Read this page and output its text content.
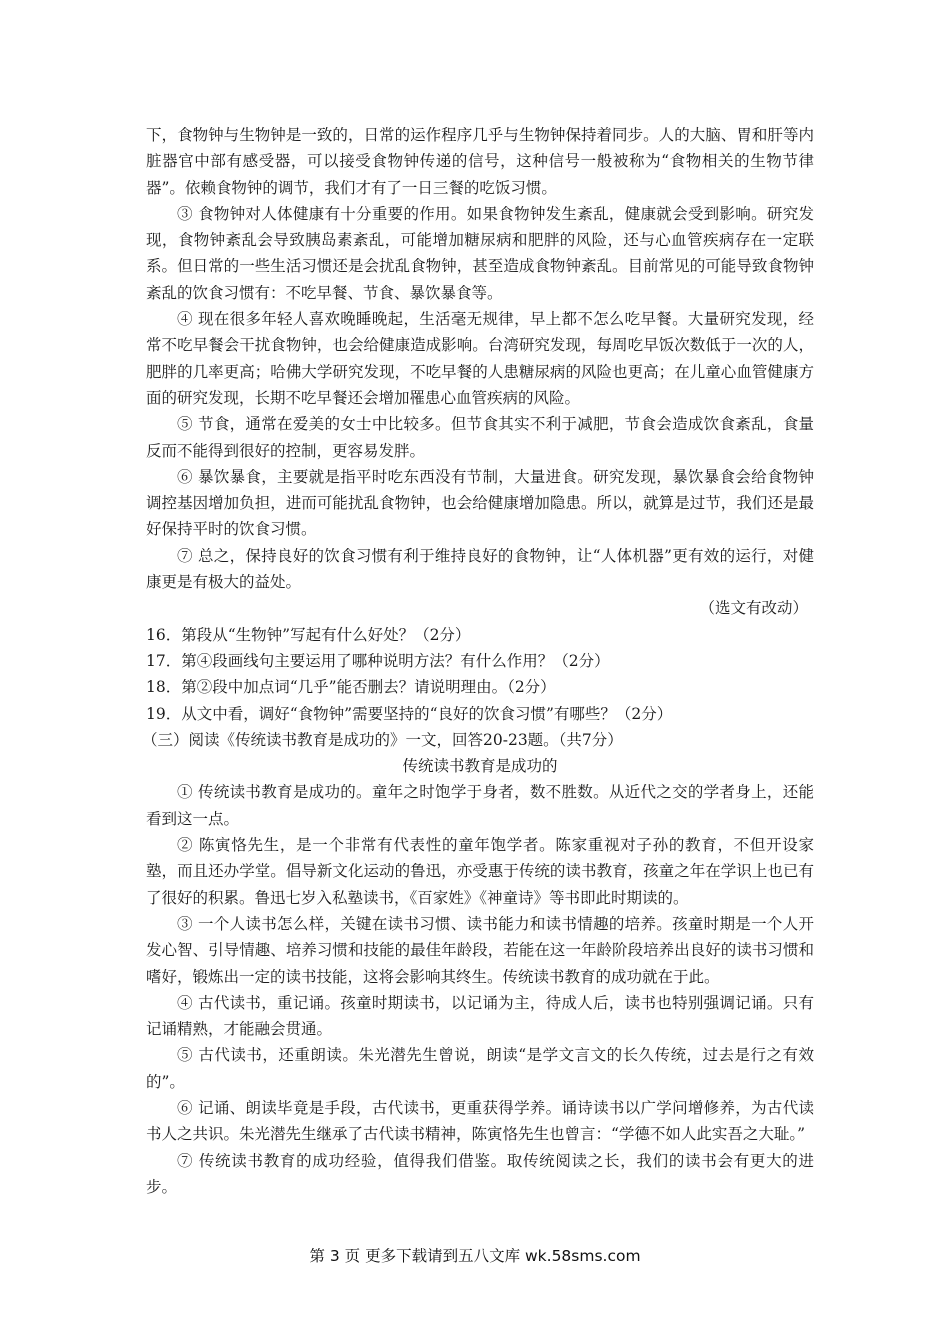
下，食物钟与生物钟是一致的，日常的运作程序几乎与生物钟保持着同步。人的大脑、胃和肝等内脏器官中部有感受器，可以接受食物钟传递的信号，这种信号一般被称为“食物相关的生物节律器”。依赖食物钟的调节，我们才有了一日三餐的吃饭习惯。

③ 食物钟对人体健康有十分重要的作用。如果食物钟发生紊乱，健康就会受到影响。研究发现，食物钟紊乱会导致胰岛素紊乱，可能增加糖尿病和肥胖的风险，还与心血管疾病存在一定联系。但日常的一些生活习惯还是会扰乱食物钟，甚至造成食物钟紊乱。目前常见的可能导致食物钟紊乱的饮食习惯有：不吃早餐、节食、暴饮暴食等。

④ 现在很多年轻人喜欢晚睡晚起，生活毫无规律，早上都不怎么吃早餐。大量研究发现，经常不吃早餐会干扰食物钟，也会给健康造成影响。台湾研究发现，每周吃早饭次数低于一次的人，肥胖的几率更高；哈佛大学研究发现，不吃早餐的人患糖尿病的风险也更高；在儿童心血管健康方面的研究发现，长期不吃早餐还会增加罹患心血管疾病的风险。

⑤ 节食，通常在爱美的女士中比较多。但节食其实不利于减肥，节食会造成饮食紊乱，食量反而不能得到很好的控制，更容易发胖。

⑥ 暴饮暴食，主要就是指平时吃东西没有节制，大量进食。研究发现，暴饮暴食会给食物钟调控基因增加负担，进而可能扰乱食物钟，也会给健康增加隐患。所以，就算是过节，我们还是最好保持平时的饮食习惯。

⑦ 总之，保持良好的饮食习惯有利于维持良好的食物钟，让“人体机器”更有效的运行，对健康更是有极大的益处。

（选文有改动）

16．第段从“生物钟”写起有什么好处？（2分）

17．第④段画线句主要运用了哪种说明方法？有什么作用？（2分）

18．第②段中加点词“几乎”能否删去？请说明理由。（2分）

19．从文中看，调好“食物钟”需要坚持的“良好的饮食习惯”有哪些？（2分）

（三）阅读《传统读书教育是成功的》一文，回答20-23题。（共7分）

传统读书教育是成功的

① 传统读书教育是成功的。童年之时饱学于身者，数不胜数。从近代之交的学者身上，还能看到这一点。

② 陈寅恪先生，是一个非常有代表性的童年饱学者。陈家重视对子孙的教育，不但开设家塾，而且还办学堂。倡导新文化运动的鲁迅，亦受惠于传统的读书教育，孩童之年在学识上也已有了很好的积累。鲁迅七岁入私塾读书，《百家姓》《神童诗》等书即此时期读的。

③ 一个人读书怎么样，关键在读书习惯、读书能力和读书情趣的培养。孩童时期是一个人开发心智、引导情趣、培养习惯和技能的最佳年龄段，若能在这一年龄阶段培养出良好的读书习惯和嗜好，锻炼出一定的读书技能，这将会影响其终生。传统读书教育的成功就在于此。

④ 古代读书，重记诵。孩童时期读书，以记诵为主，待成人后，读书也特别强调记诵。只有记诵精熟，才能融会贯通。

⑤ 古代读书，还重朗读。朱光潜先生曾说，朗读“是学文言文的长久传统，过去是行之有效的”。

⑥ 记诵、朗读毕竟是手段，古代读书，更重获得学养。诵诗读书以广学问增修养，为古代读书人之共识。朱光潜先生继承了古代读书精神，陈寅恪先生也曾言：“学德不如人此实吾之大耻。”

⑦ 传统读书教育的成功经验，值得我们借鉴。取传统阅读之长，我们的读书会有更大的进步。

第 3 页 更多下载请到五八文库 wk.58sms.com
